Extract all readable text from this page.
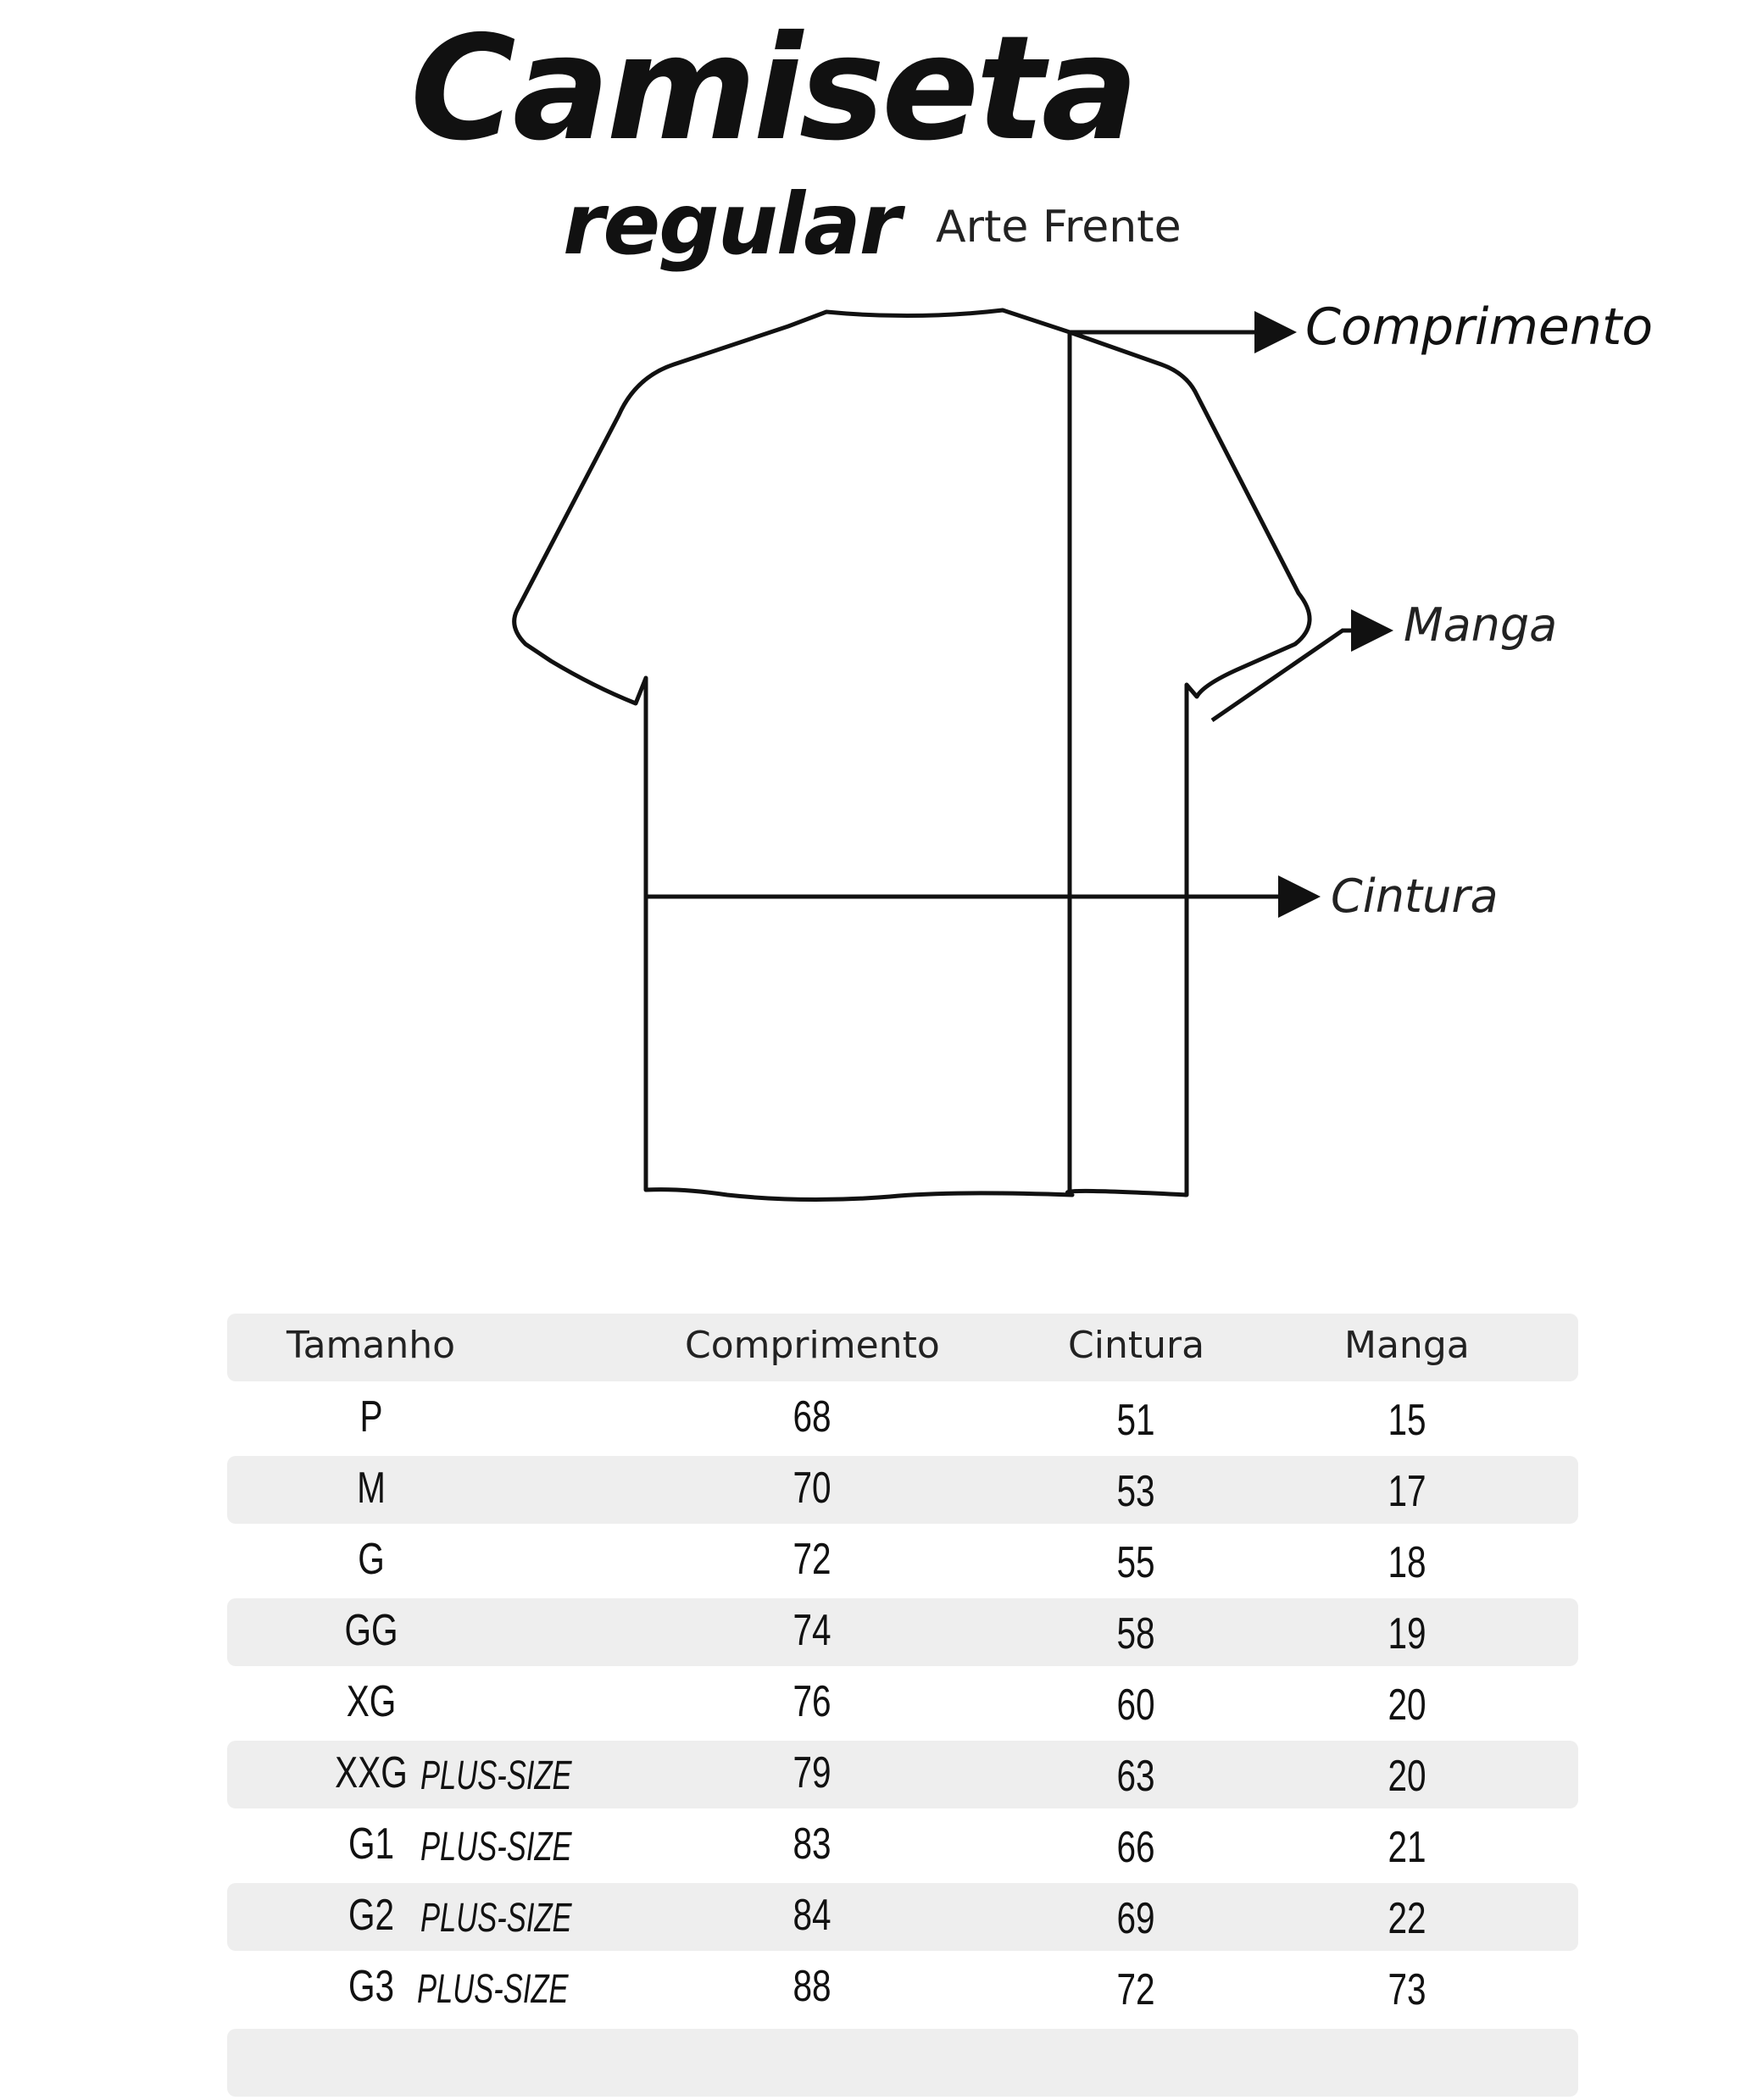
Camiseta
regular Arte Frente
Comprimento
Manga
Cintura
Tamanho	Comprimento	Cintura	Manga
P	68	51	15
M	70	53	17
G	72	55	18
GG	74	58	19
XG	76	60	20
XXG PLUS-SIZE	79	63	20
G1 PLUS-SIZE	83	66	21
G2 PLUS-SIZE	84	69	22
G3 PLUS-SIZE	88	72	73
